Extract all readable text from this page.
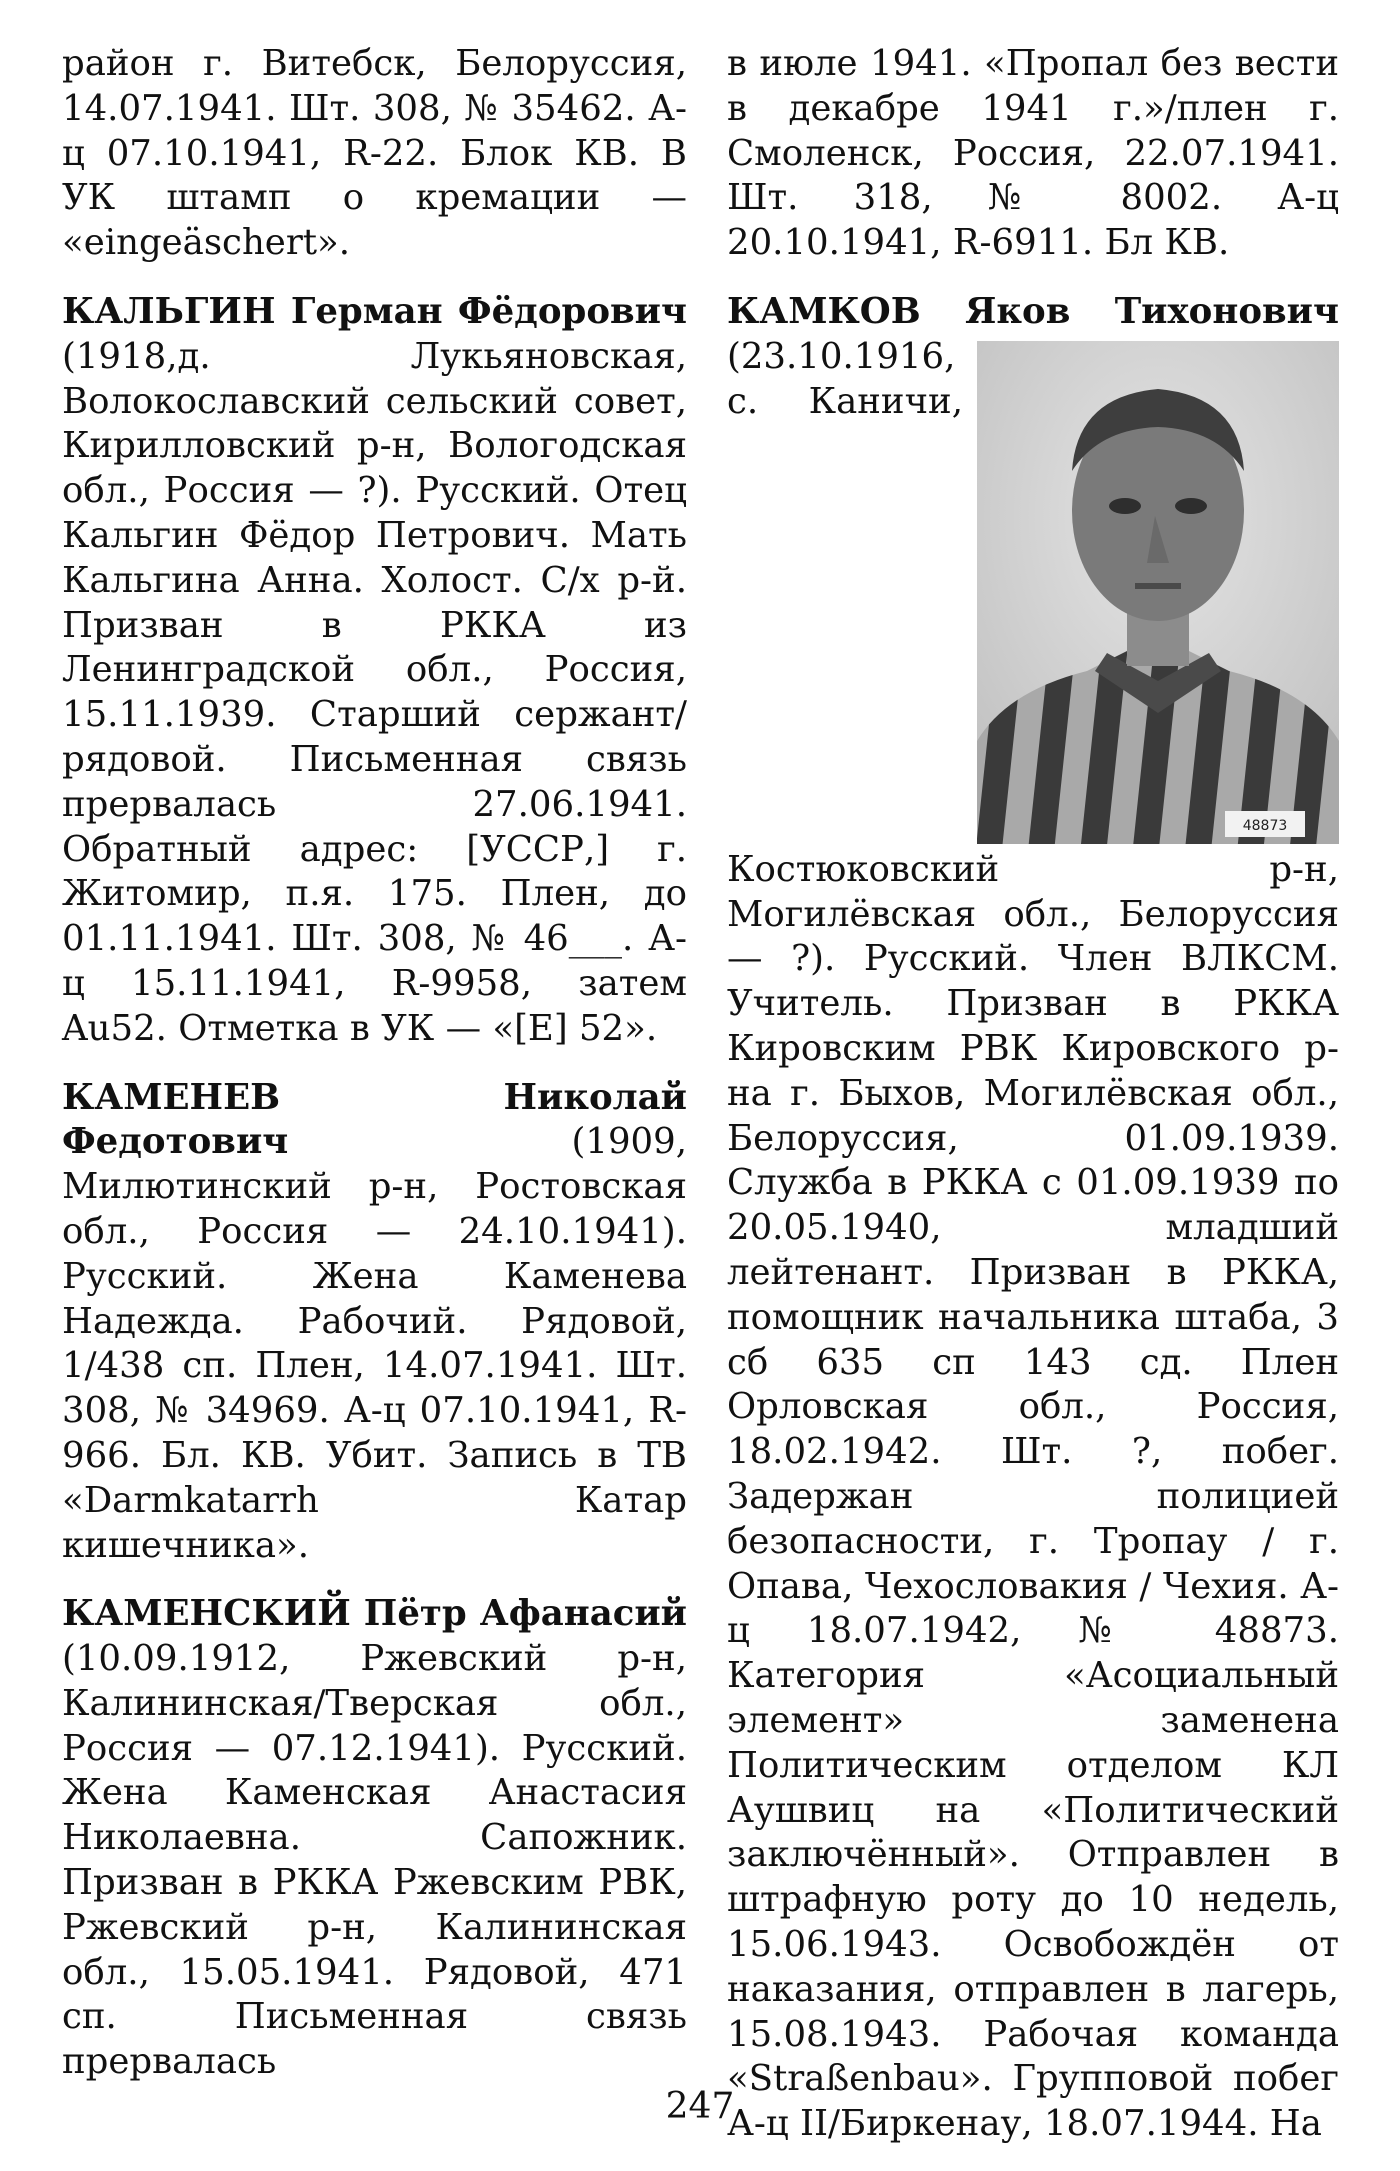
район г. Витебск, Белоруссия, 14.07.1941. Шт. 308, № 35462. А-ц 07.10.1941, R-22. Блок КВ. В УК штамп о кремации — «eingeäschert».

КАЛЬГИН Герман Фёдорович (1918,д. Лукьяновская, Волокославский сельский совет, Кирилловский р-н, Вологодская обл., Россия — ?). Русский. Отец Кальгин Фёдор Петрович. Мать Кальгина Анна. Холост. С/х р-й. Призван в РККА из Ленинградской обл., Россия, 15.11.1939. Старший сержант/рядовой. Письменная связь прервалась 27.06.1941. Обратный адрес: [УССР,] г. Житомир, п.я. 175. Плен, до 01.11.1941. Шт. 308, № 46___. А-ц 15.11.1941, R-9958, затем Au52. Отметка в УК — «[E] 52».

КАМЕНЕВ Николай Федотович (1909, Милютинский р-н, Ростовская обл., Россия — 24.10.1941). Русский. Жена Каменева Надежда. Рабочий. Рядовой, 1/438 сп. Плен, 14.07.1941. Шт. 308, № 34969. А-ц 07.10.1941, R-966. Бл. КВ. Убит. Запись в ТВ «Darmkatarrh Катар кишечника».

КАМЕНСКИЙ Пётр Афанасий (10.09.1912, Ржевский р-н, Калининская/Тверская обл., Россия — 07.12.1941). Русский. Жена Каменская Анастасия Николаевна. Сапожник. Призван в РККА Ржевским РВК, Ржевский р-н, Калининская обл., 15.05.1941. Рядовой, 471 сп. Письменная связь прервалась

в июле 1941. «Пропал без вести в декабре 1941 г.»/плен г. Смоленск, Россия, 22.07.1941. Шт. 318, № 8002. А-ц 20.10.1941, R-6911. Бл КВ.

КАМКОВ Яков Тихонович
48873
(23.10.1916, с. Каничи, Костюковский р-н, Могилёвская обл., Белоруссия — ?). Русский. Член ВЛКСМ. Учитель. Призван в РККА Кировским РВК Кировского р-на г. Быхов, Могилёвская обл., Белоруссия, 01.09.1939. Служба в РККА с 01.09.1939 по 20.05.1940, младший лейтенант. Призван в РККА, помощник начальника штаба, 3 сб 635 сп 143 сд. Плен Орловская обл., Россия, 18.02.1942. Шт. ?, побег. Задержан полицией безопасности, г. Тропау / г. Опава, Чехословакия / Чехия. А-ц 18.07.1942, № 48873. Категория «Асоциальный элемент» заменена Политическим отделом КЛ Аушвиц на «Политический заключённый». Отправлен в штрафную роту до 10 недель, 15.06.1943. Освобождён от наказания, отправлен в лагерь, 15.08.1943. Рабочая команда «Straßenbau». Групповой побег А-ц II/Биркенау, 18.07.1944. На

247
